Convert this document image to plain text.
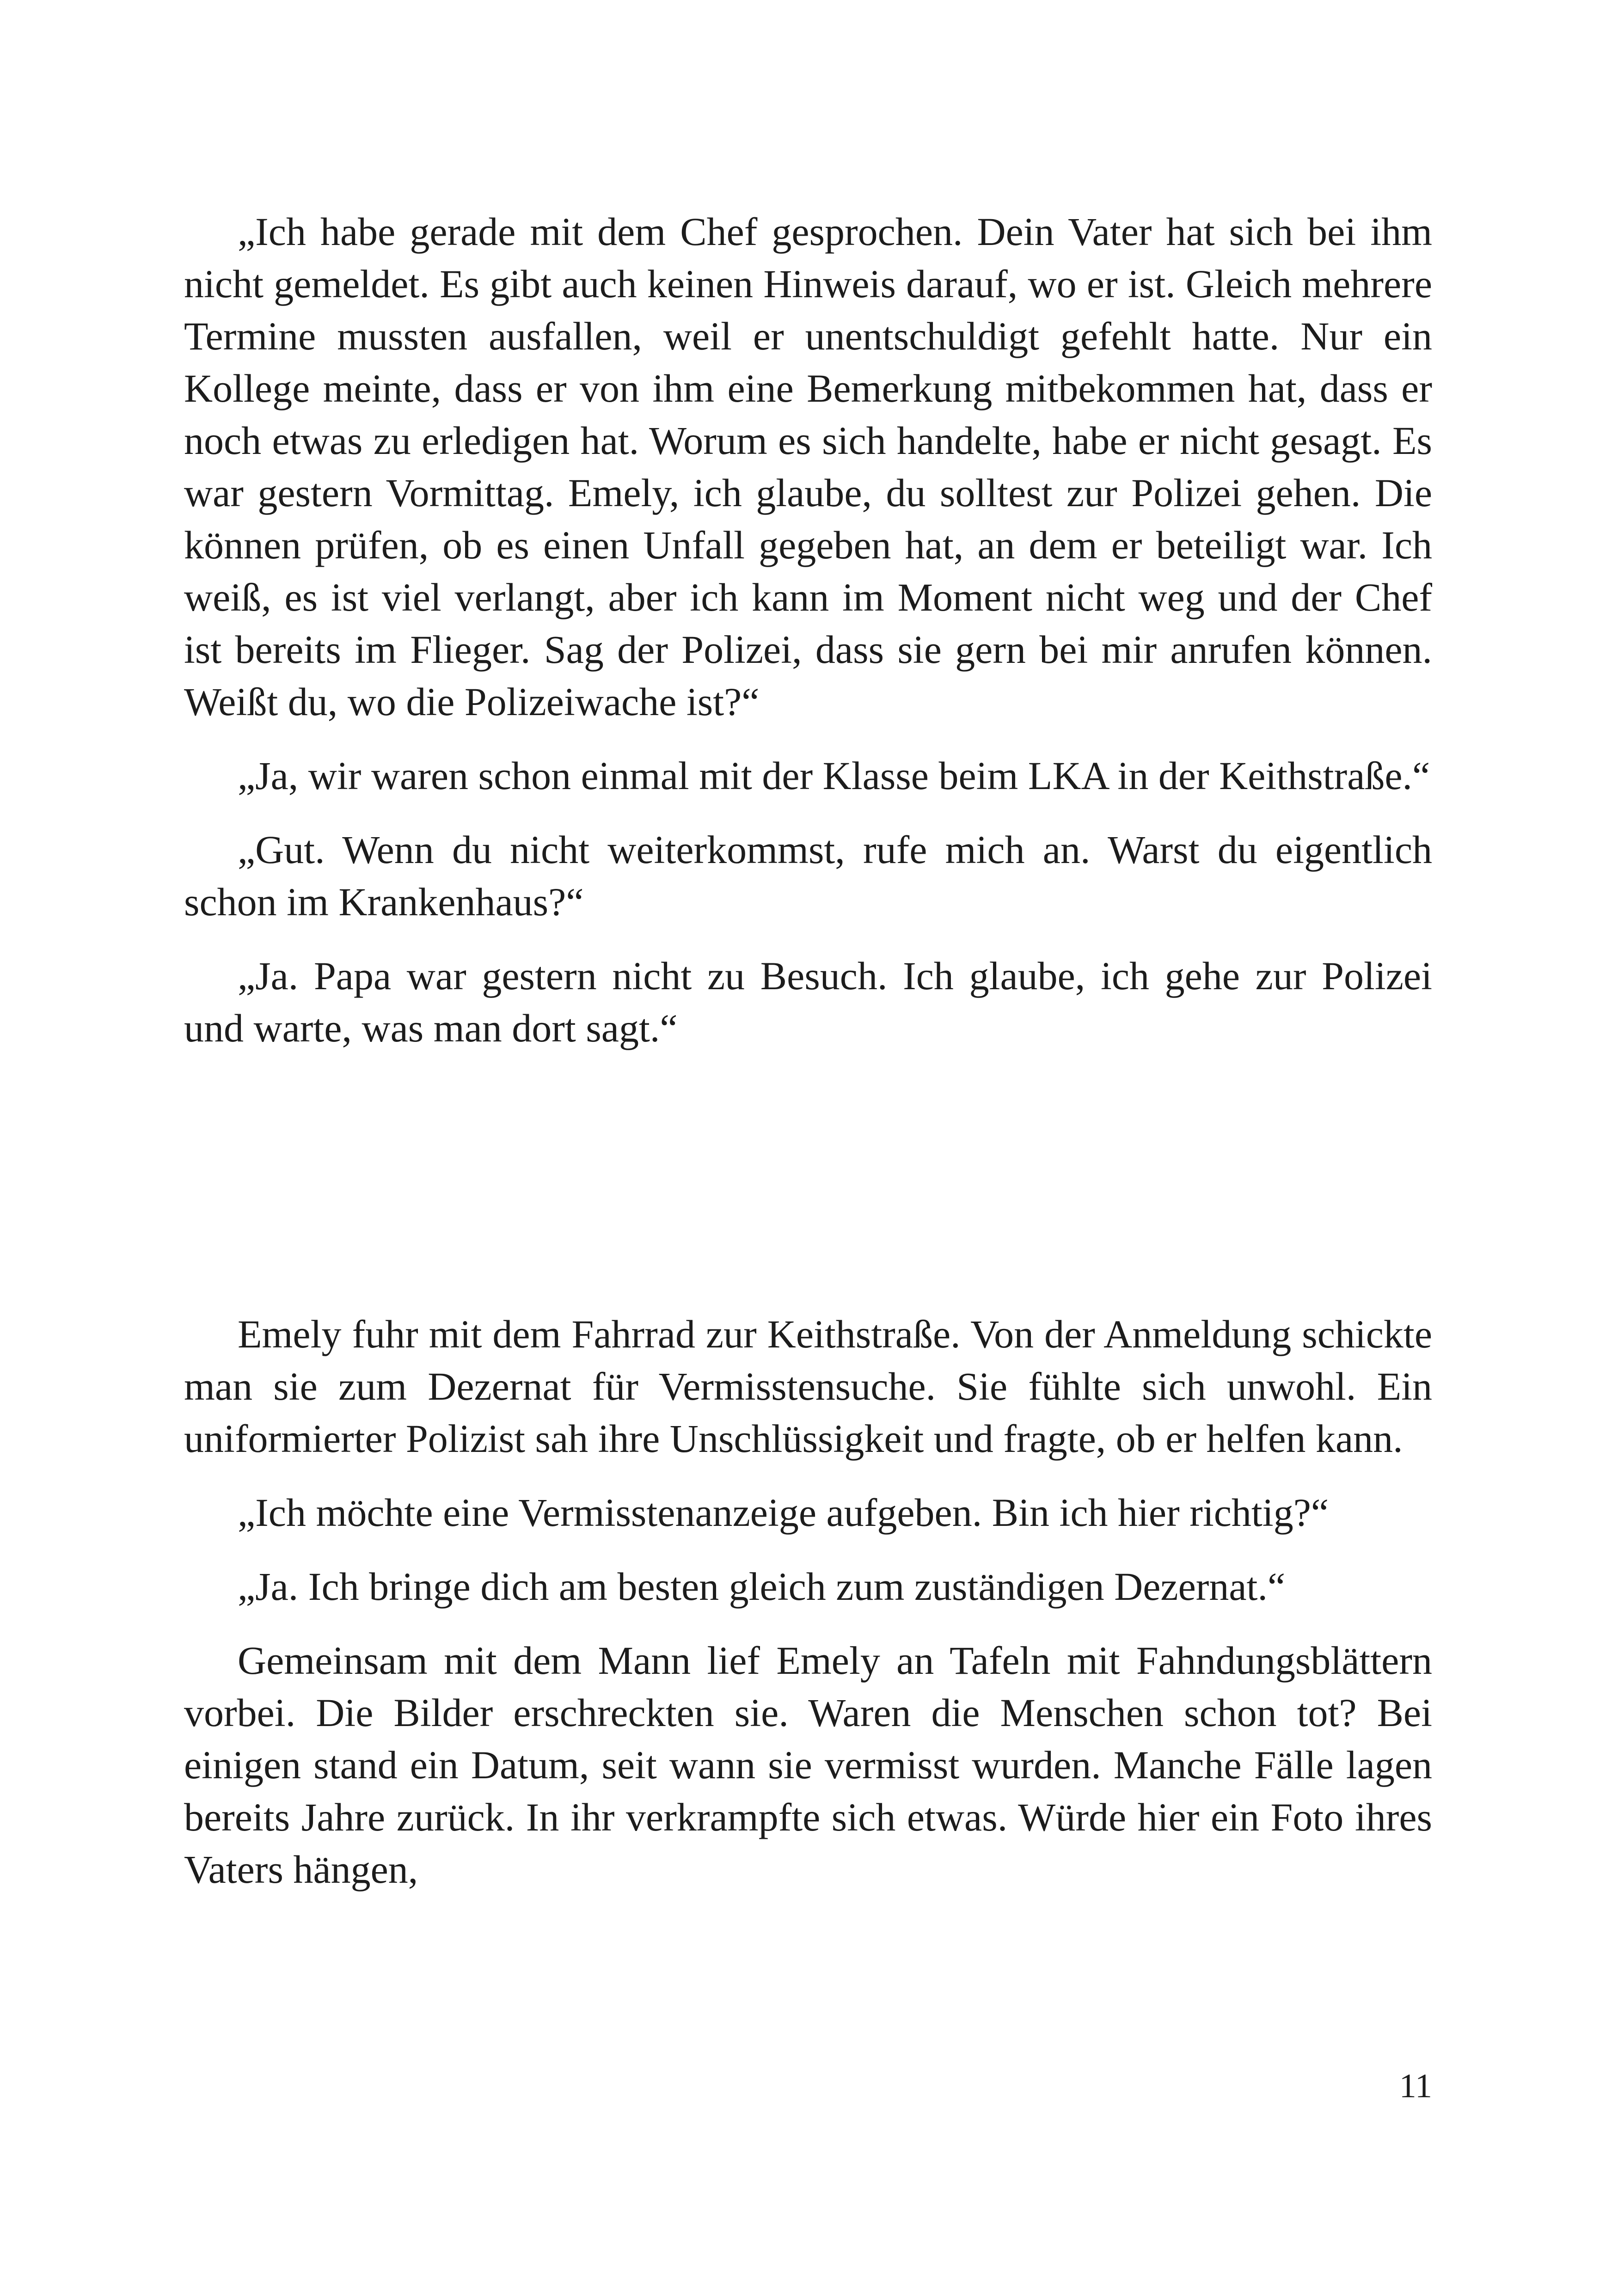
„Ich habe gerade mit dem Chef gesprochen. Dein Vater hat sich bei ihm nicht gemeldet. Es gibt auch keinen Hinweis darauf, wo er ist. Gleich mehrere Termine mussten ausfallen, weil er unentschuldigt gefehlt hatte. Nur ein Kollege meinte, dass er von ihm eine Bemerkung mitbekommen hat, dass er noch etwas zu erledigen hat. Worum es sich handelte, habe er nicht gesagt. Es war gestern Vormittag. Emely, ich glaube, du solltest zur Polizei gehen. Die können prüfen, ob es einen Unfall gegeben hat, an dem er beteiligt war. Ich weiß, es ist viel verlangt, aber ich kann im Moment nicht weg und der Chef ist bereits im Flieger. Sag der Polizei, dass sie gern bei mir anrufen können. Weißt du, wo die Polizeiwache ist?“

„Ja, wir waren schon einmal mit der Klasse beim LKA in der Keithstraße.“

„Gut. Wenn du nicht weiterkommst, rufe mich an. Warst du eigentlich schon im Krankenhaus?“

„Ja. Papa war gestern nicht zu Besuch. Ich glaube, ich gehe zur Polizei und warte, was man dort sagt.“

Emely fuhr mit dem Fahrrad zur Keithstraße. Von der Anmeldung schickte man sie zum Dezernat für Vermisstensuche. Sie fühlte sich unwohl. Ein uniformierter Polizist sah ihre Unschlüssigkeit und fragte, ob er helfen kann.

„Ich möchte eine Vermisstenanzeige aufgeben. Bin ich hier richtig?“

„Ja. Ich bringe dich am besten gleich zum zuständigen Dezernat.“

Gemeinsam mit dem Mann lief Emely an Tafeln mit Fahndungsblättern vorbei. Die Bilder erschreckten sie. Waren die Menschen schon tot? Bei einigen stand ein Datum, seit wann sie vermisst wurden. Manche Fälle lagen bereits Jahre zurück. In ihr verkrampfte sich etwas. Würde hier ein Foto ihres Vaters hängen,

11
